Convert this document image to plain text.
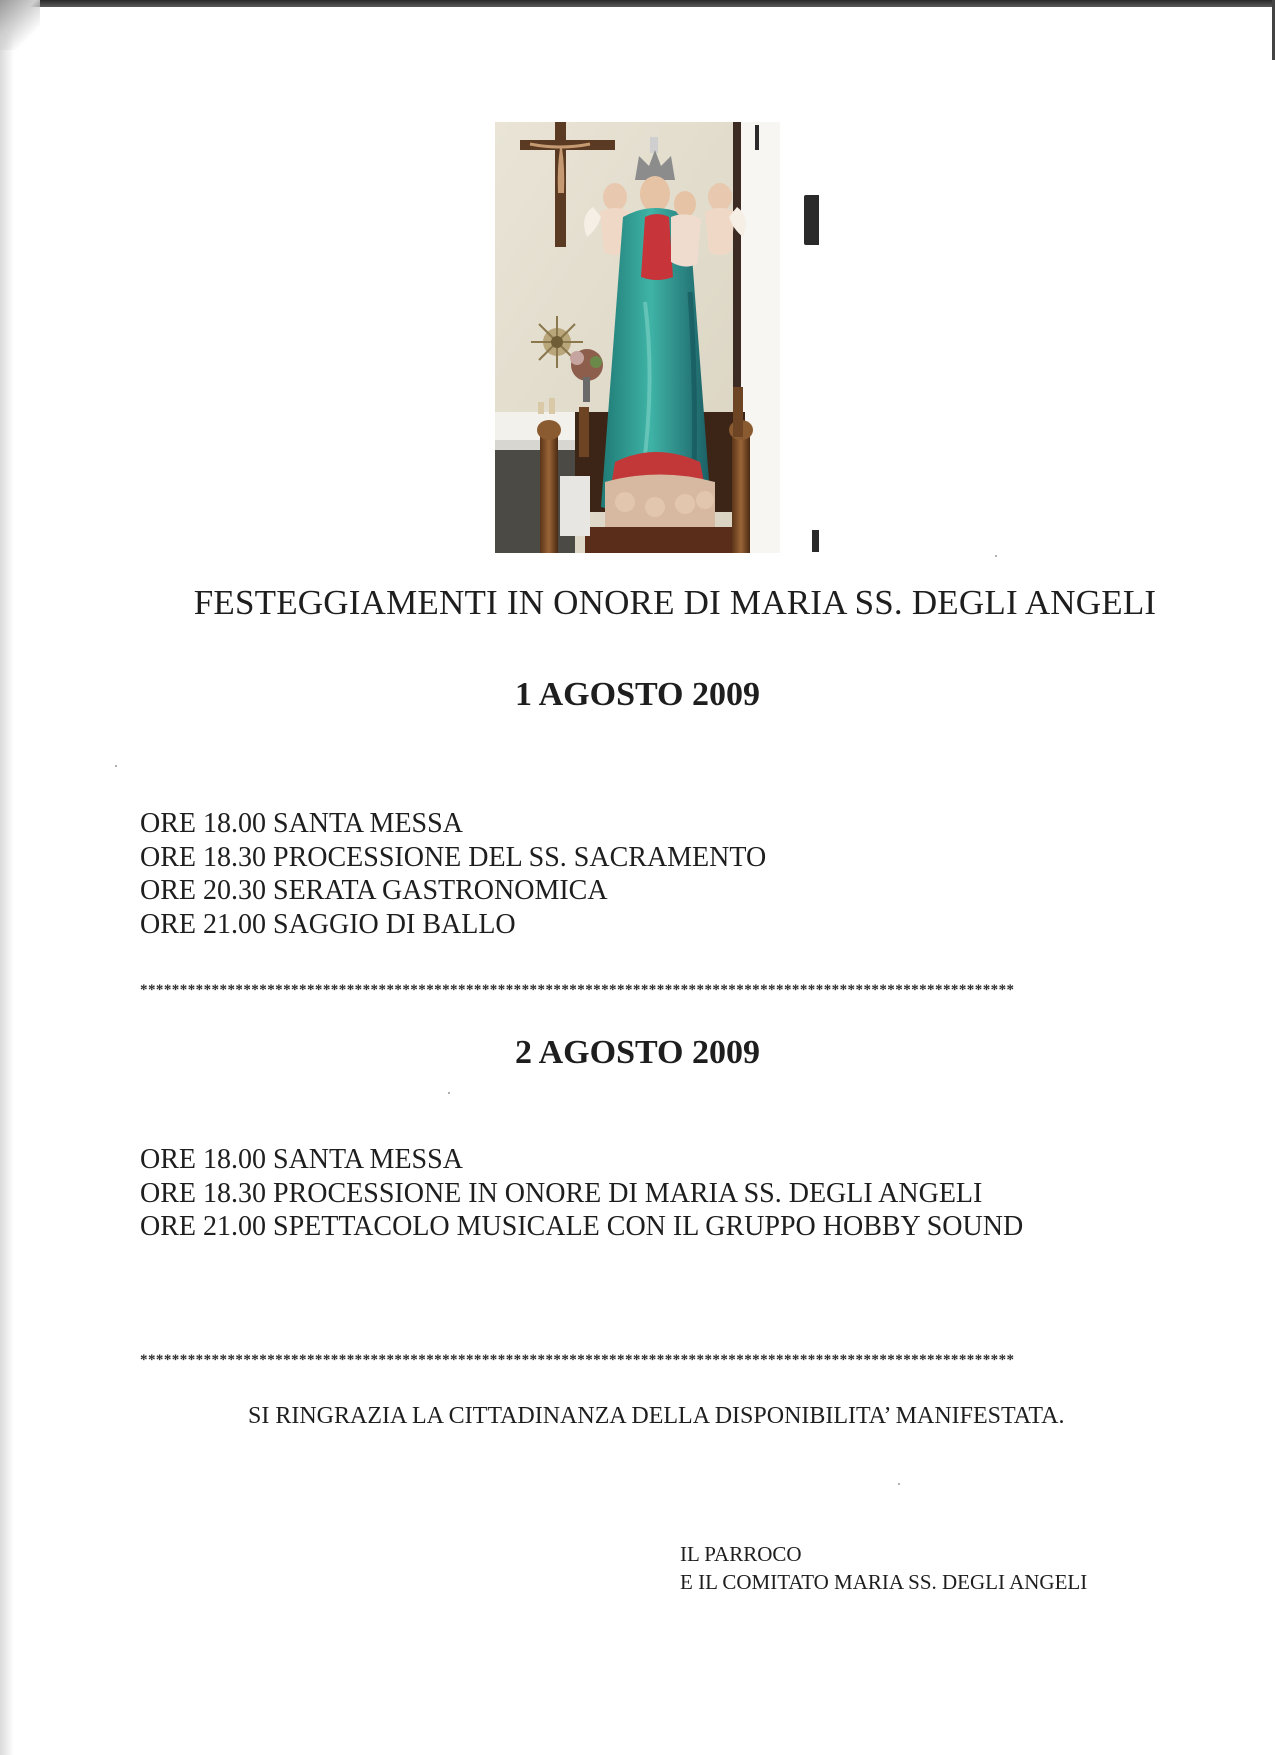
FESTEGGIAMENTI IN ONORE DI MARIA SS. DEGLI ANGELI
1 AGOSTO 2009
ORE 18.00 SANTA MESSA
ORE 18.30 PROCESSIONE DEL SS. SACRAMENTO
ORE 20.30 SERATA GASTRONOMICA
ORE 21.00 SAGGIO DI BALLO
**************************************************************************************************************
2 AGOSTO 2009
ORE 18.00 SANTA MESSA
ORE 18.30 PROCESSIONE IN ONORE DI MARIA SS. DEGLI ANGELI
ORE 21.00 SPETTACOLO MUSICALE CON IL GRUPPO HOBBY SOUND
**************************************************************************************************************
SI RINGRAZIA LA CITTADINANZA DELLA DISPONIBILITA’ MANIFESTATA.
IL PARROCO
E IL COMITATO MARIA SS. DEGLI ANGELI
